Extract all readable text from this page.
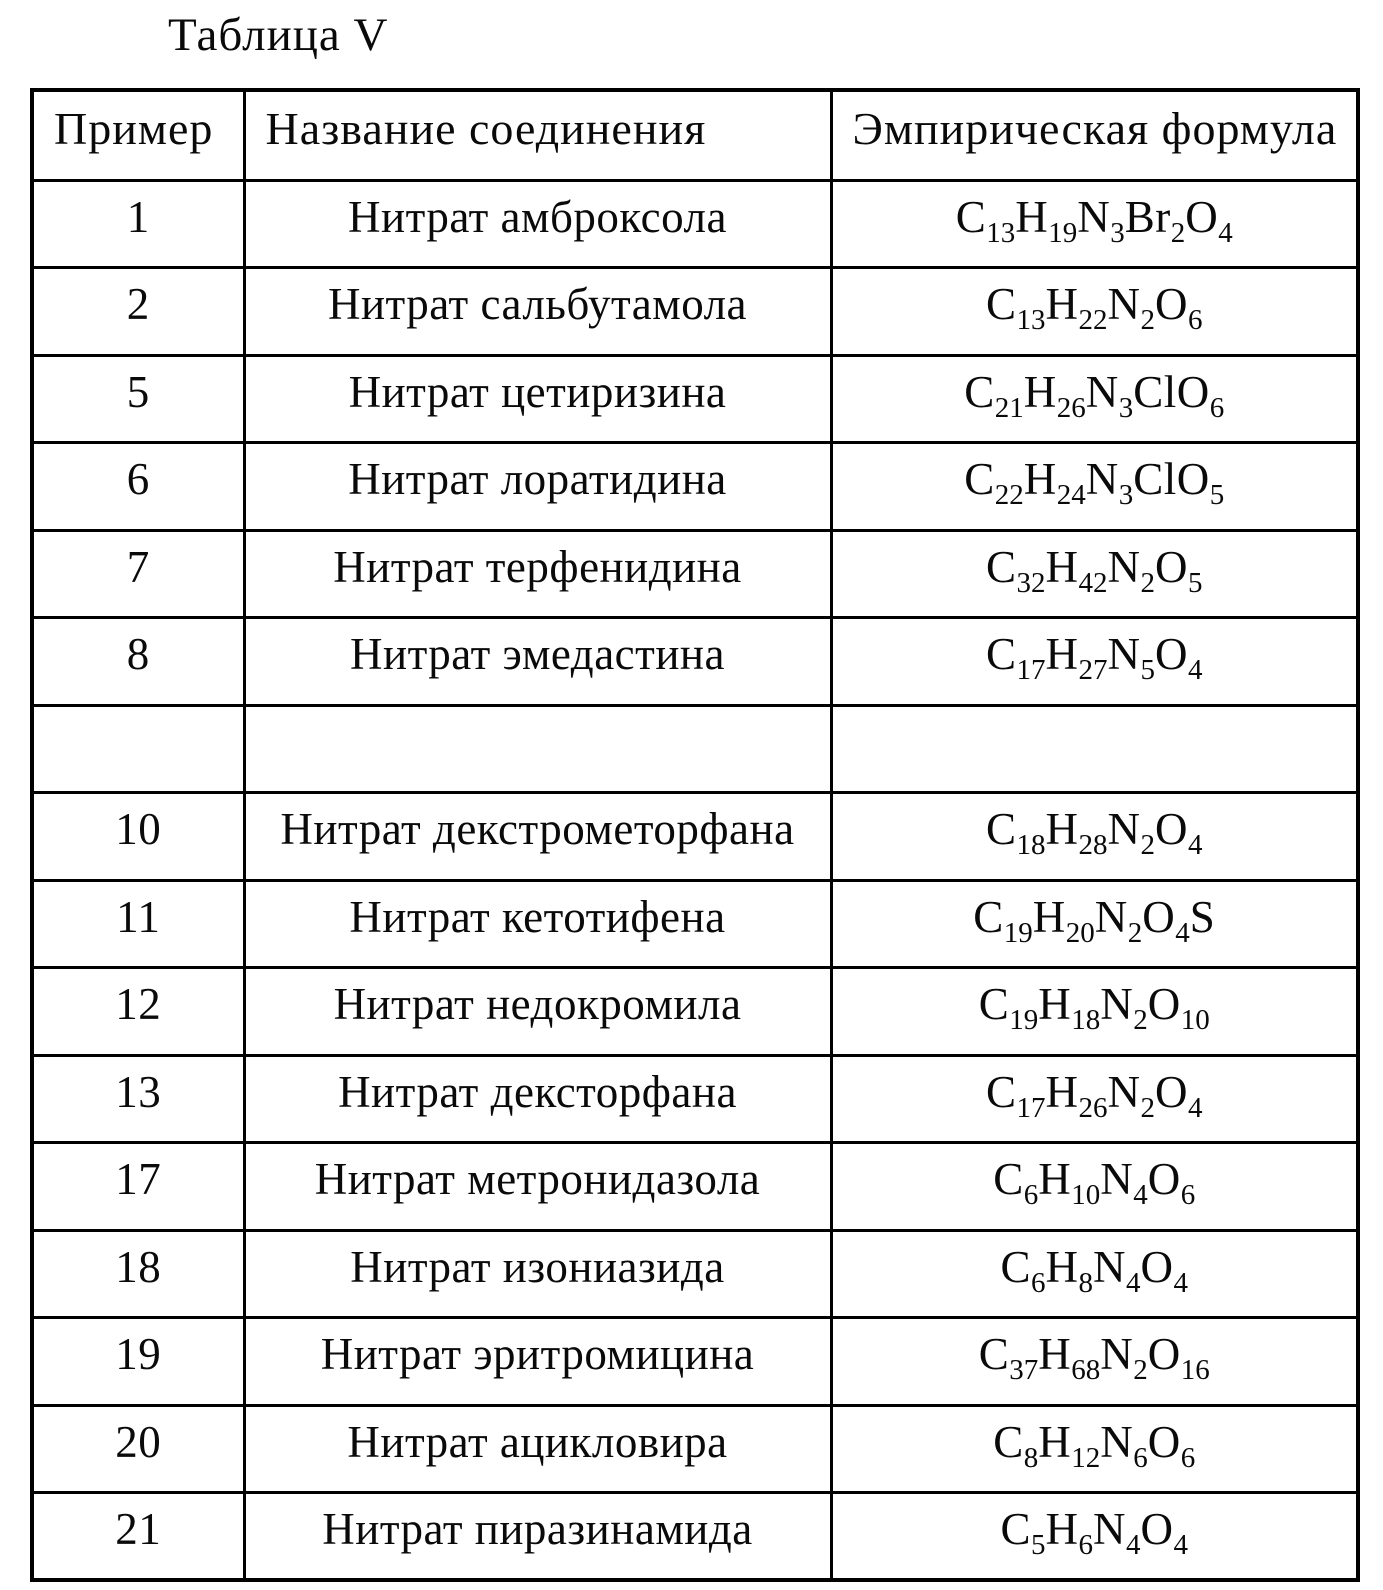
Таблица V
Пример	Название соединения	Эмпирическая формула
1	Нитрат амброксола	$C_{13}H_{19}N_3Br_2O_4$
2	Нитрат сальбутамола	$C_{13}H_{22}N_2O_6$
5	Нитрат цетиризина	$C_{21}H_{26}N_3ClO_6$
6	Нитрат лоратидина	$C_{22}H_{24}N_3ClO_5$
7	Нитрат терфенидина	$C_{32}H_{42}N_2O_5$
8	Нитрат эмедастина	$C_{17}H_{27}N_5O_4$

10	Нитрат декстрометорфана	$C_{18}H_{28}N_2O_4$
11	Нитрат кетотифена	$C_{19}H_{20}N_2O_4S$
12	Нитрат недокромила	$C_{19}H_{18}N_2O_{10}$
13	Нитрат дексторфана	$C_{17}H_{26}N_2O_4$
17	Нитрат метронидазола	$C_6H_{10}N_4O_6$
18	Нитрат изониазида	$C_6H_8N_4O_4$
19	Нитрат эритромицина	$C_{37}H_{68}N_2O_{16}$
20	Нитрат ацикловира	$C_8H_{12}N_6O_6$
21	Нитрат пиразинамида	$C_5H_6N_4O_4$
